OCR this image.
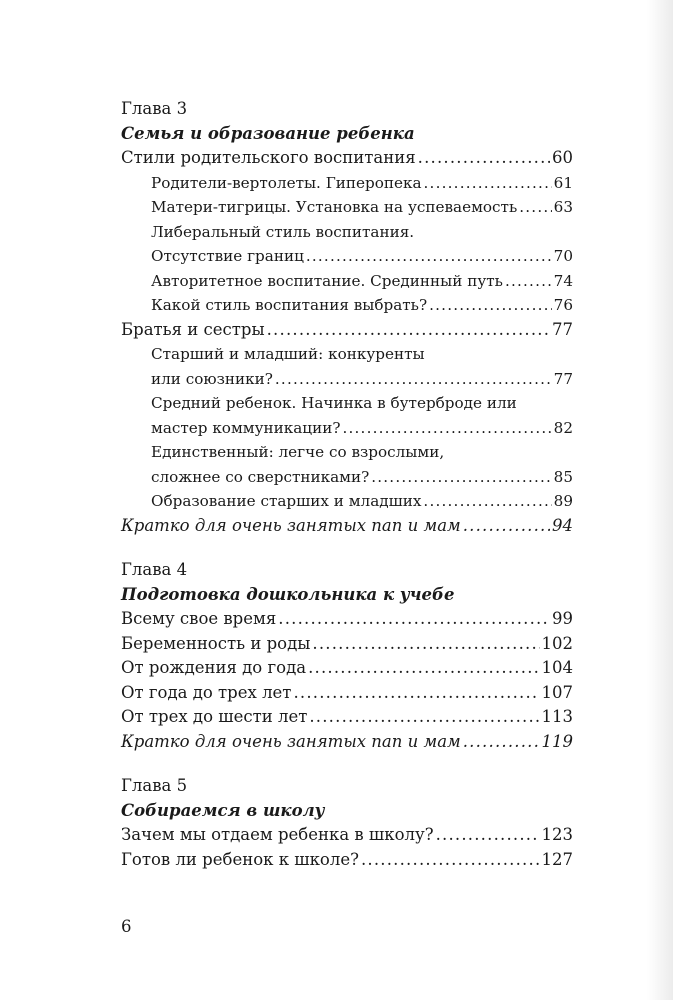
Глава 3
Семья и образование ребенка
Стили родительского воспитания .....	60
Родители-вертолеты. Гиперопека .....	61
Матери-тигрицы. Установка на успеваемость ..... 63
Либеральный стиль воспитания.
Отсутствие границ .....	70
Авторитетное воспитание. Срединный путь .....	74
Какой стиль воспитания выбрать? .....	76
Братья и сестры .....	77
Старший и младший: конкуренты
или союзники? .....	77
Средний ребенок. Начинка в бутерброде или
мастер коммуникации? .....	82
Единственный: легче со взрослыми,
сложнее со сверстниками? .....	85
Образование старших и младших .....	89
Кратко для очень занятых пап и мам .....	94
Глава 4
Подготовка дошкольника к учебе
Всему свое время .....	99
Беременность и роды .....	102
От рождения до года .....	104
От года до трех лет .....	107
От трех до шести лет .....	113
Кратко для очень занятых пап и мам .....	119
Глава 5
Собираемся в школу
Зачем мы отдаем ребенка в школу? .....	123
Готов ли ребенок к школе? .....	127
6
